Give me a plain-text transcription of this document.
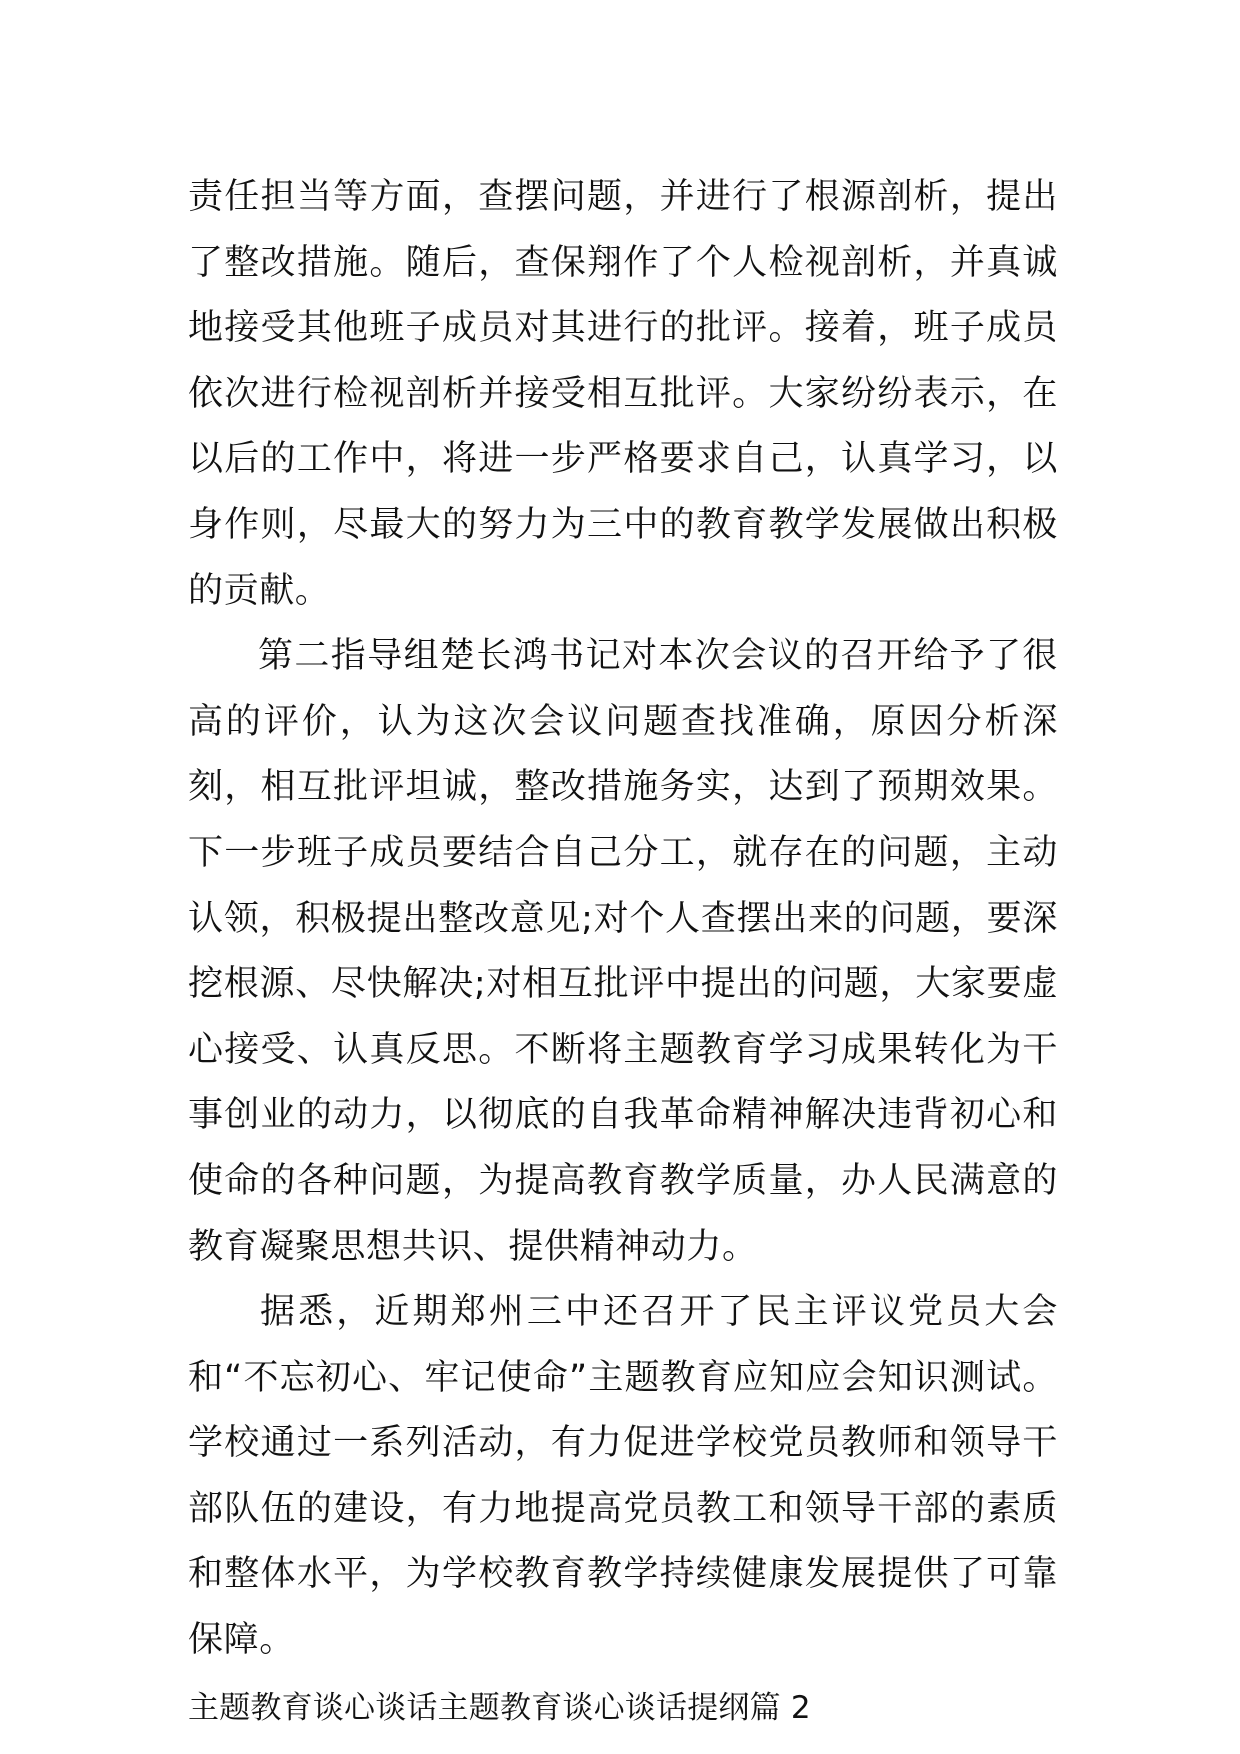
责任担当等方面，查摆问题，并进行了根源剖析，提出了整改措施。随后，查保翔作了个人检视剖析，并真诚地接受其他班子成员对其进行的批评。接着，班子成员依次进行检视剖析并接受相互批评。大家纷纷表示，在以后的工作中，将进一步严格要求自己，认真学习，以身作则，尽最大的努力为三中的教育教学发展做出积极的贡献。

第二指导组楚长鸿书记对本次会议的召开给予了很高的评价，认为这次会议问题查找准确，原因分析深刻，相互批评坦诚，整改措施务实，达到了预期效果。下一步班子成员要结合自己分工，就存在的问题，主动认领，积极提出整改意见;对个人查摆出来的问题，要深挖根源、尽快解决;对相互批评中提出的问题，大家要虚心接受、认真反思。不断将主题教育学习成果转化为干事创业的动力，以彻底的自我革命精神解决违背初心和使命的各种问题，为提高教育教学质量，办人民满意的教育凝聚思想共识、提供精神动力。

据悉，近期郑州三中还召开了民主评议党员大会和“不忘初心、牢记使命”主题教育应知应会知识测试。学校通过一系列活动，有力促进学校党员教师和领导干部队伍的建设，有力地提高党员教工和领导干部的素质和整体水平，为学校教育教学持续健康发展提供了可靠保障。

主题教育谈心谈话主题教育谈心谈话提纲篇 2
